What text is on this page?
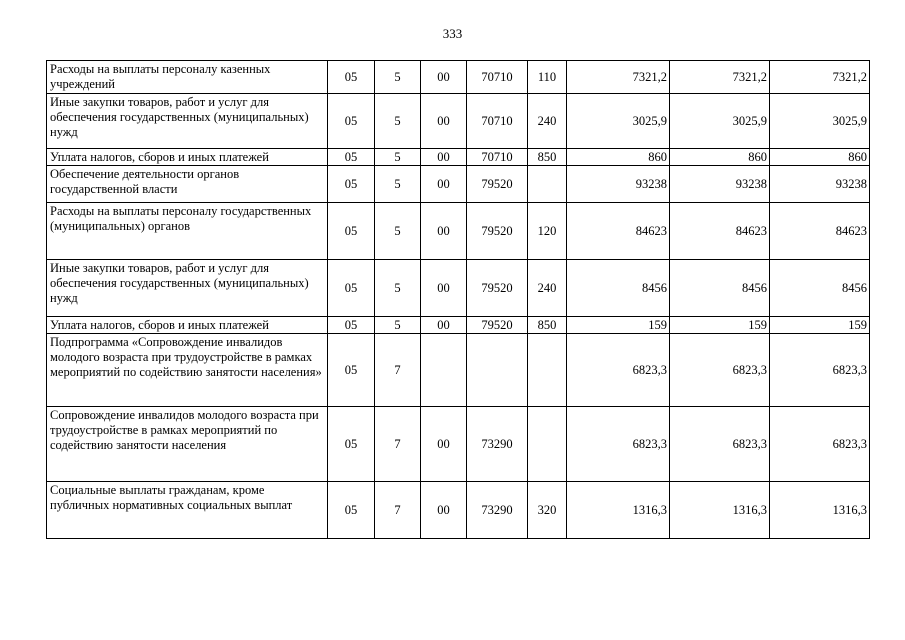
333
Расходы на выплаты персоналу казенных учреждений	05	5	00	70710	110	7321,2	7321,2	7321,2
Иные закупки товаров, работ и услуг для обеспечения государственных (муниципальных) нужд	05	5	00	70710	240	3025,9	3025,9	3025,9
Уплата налогов, сборов и иных платежей	05	5	00	70710	850	860	860	860
Обеспечение деятельности органов государственной власти	05	5	00	79520		93238	93238	93238
Расходы на выплаты персоналу государственных (муниципальных) органов	05	5	00	79520	120	84623	84623	84623
Иные закупки товаров, работ и услуг для обеспечения государственных (муниципальных) нужд	05	5	00	79520	240	8456	8456	8456
Уплата налогов, сборов и иных платежей	05	5	00	79520	850	159	159	159
Подпрограмма «Сопровождение инвалидов молодого возраста при трудоустройстве в рамках мероприятий по содействию занятости населения»	05	7				6823,3	6823,3	6823,3
Сопровождение инвалидов молодого возраста при трудоустройстве в рамках мероприятий по содействию занятости населения	05	7	00	73290		6823,3	6823,3	6823,3
Социальные выплаты гражданам, кроме публичных нормативных социальных выплат	05	7	00	73290	320	1316,3	1316,3	1316,3
